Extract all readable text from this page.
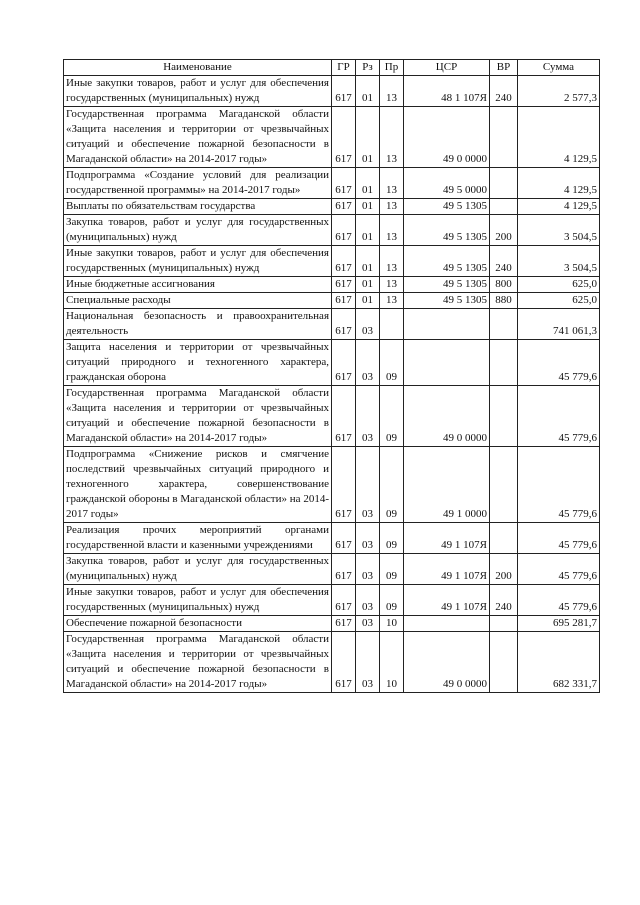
Наименование	ГР	Рз	Пр	ЦСР	ВР	Сумма
Иные закупки товаров, работ и услуг для обеспечения государственных (муниципальных) нужд	617	01	13	48 1 107Я	240	2 577,3
Государственная программа Магаданской области «Защита населения и территории от чрезвычайных ситуаций и обеспечение пожарной безопасности в Магаданской области» на 2014-2017 годы»	617	01	13	49 0 0000		4 129,5
Подпрограмма «Создание условий для реализации государственной программы» на 2014-2017 годы»	617	01	13	49 5 0000		4 129,5
Выплаты по обязательствам государства	617	01	13	49 5 1305		4 129,5
Закупка товаров, работ и услуг для государственных (муниципальных) нужд	617	01	13	49 5 1305	200	3 504,5
Иные закупки товаров, работ и услуг для обеспечения государственных (муниципальных) нужд	617	01	13	49 5 1305	240	3 504,5
Иные бюджетные ассигнования	617	01	13	49 5 1305	800	625,0
Специальные расходы	617	01	13	49 5 1305	880	625,0
Национальная безопасность и правоохранительная деятельность	617	03				741 061,3
Защита населения и территории от чрезвычайных ситуаций природного и техногенного характера, гражданская оборона	617	03	09			45 779,6
Государственная программа Магаданской области «Защита населения и территории от чрезвычайных ситуаций и обеспечение пожарной безопасности в Магаданской области» на 2014-2017 годы»	617	03	09	49 0 0000		45 779,6
Подпрограмма «Снижение рисков и смягчение последствий чрезвычайных ситуаций природного и техногенного характера, совершенствование гражданской обороны в Магаданской области» на 2014-2017 годы»	617	03	09	49 1 0000		45 779,6
Реализация прочих мероприятий органами государственной власти и казенными учреждениями	617	03	09	49 1 107Я		45 779,6
Закупка товаров, работ и услуг для государственных (муниципальных) нужд	617	03	09	49 1 107Я	200	45 779,6
Иные закупки товаров, работ и услуг для обеспечения государственных (муниципальных) нужд	617	03	09	49 1 107Я	240	45 779,6
Обеспечение пожарной безопасности	617	03	10			695 281,7
Государственная программа Магаданской области «Защита населения и территории от чрезвычайных ситуаций и обеспечение пожарной безопасности в Магаданской области» на 2014-2017 годы»	617	03	10	49 0 0000		682 331,7
